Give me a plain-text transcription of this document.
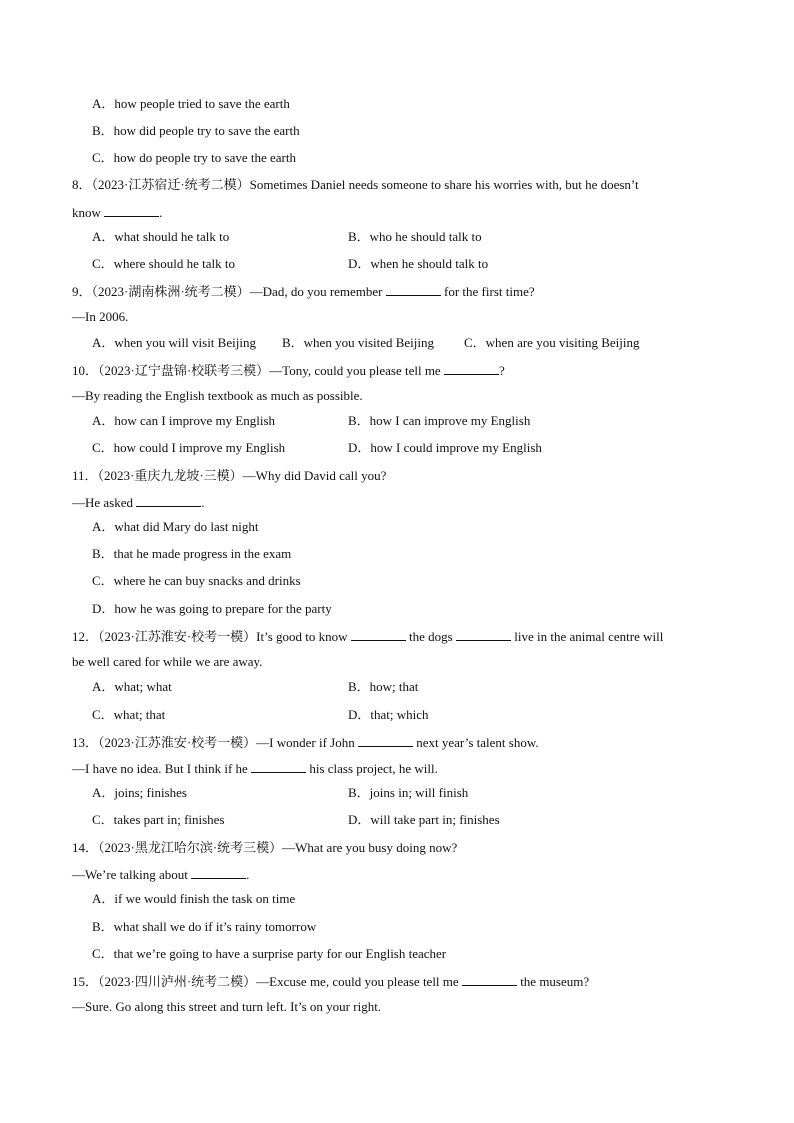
A．how people tried to save the earth
B．how did people try to save the earth
C．how do people try to save the earth
8．（2023·江苏宿迁·统考二模）Sometimes Daniel needs someone to share his worries with, but he doesn’t
know	.
A．what should he talk to	B．who he should talk to
C．where should he talk to	D．when he should talk to
9．（2023·湖南株洲·统考二模）—Dad, do you remember	for the first time?
—In 2006.
A．when you will visit Beijing B．when you visited Beijing C．when are you visiting Beijing
10．（2023·辽宁盘锦·校联考三模）—Tony, could you please tell me	?
—By reading the English textbook as much as possible.
A．how can I improve my English	B．how I can improve my English
C．how could I improve my English	D．how I could improve my English
11．（2023·重庆九龙坡·三模）—Why did David call you?
—He asked	.
A．what did Mary do last night
B．that he made progress in the exam
C．where he can buy snacks and drinks
D．how he was going to prepare for the party
12．（2023·江苏淮安·校考一模）It’s good to know	the dogs	live in the animal centre will
be well cared for while we are away.
A．what; what	B．how; that
C．what; that	D．that; which
13．（2023·江苏淮安·校考一模）—I wonder if John	next year’s talent show.
—I have no idea. But I think if he	his class project, he will.
A．joins; finishes	B．joins in; will finish
C．takes part in; finishes	D．will take part in; finishes
14．（2023·黑龙江哈尔滨·统考三模）—What are you busy doing now?
—We’re talking about	.
A．if we would finish the task on time
B．what shall we do if it’s rainy tomorrow
C．that we’re going to have a surprise party for our English teacher
15．（2023·四川泸州·统考二模）—Excuse me, could you please tell me	the museum?
—Sure. Go along this street and turn left. It’s on your right.
